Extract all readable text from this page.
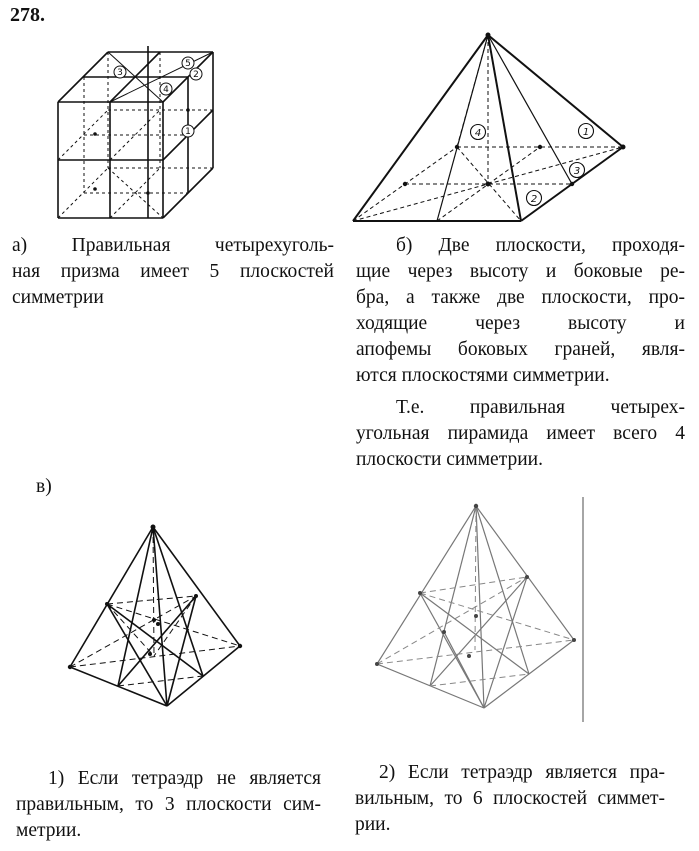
278.
1
2
3
4
5
1
2
3
4
а) Правильная четырехуголь-
ная призма имеет 5 плоскостей
симметрии
б) Две плоскости, проходя-
щие через высоту и боковые ре-
бра, а также две плоскости, про-
ходящие через высоту и
апофемы боковых граней, явля-
ются плоскостями симметрии.
Т.е. правильная четырех-
угольная пирамида имеет всего 4
плоскости симметрии.
в)
1) Если тетраэдр не является
правильным, то 3 плоскости сим-
метрии.
2) Если тетраэдр является пра-
вильным, то 6 плоскостей симмет-
рии.
